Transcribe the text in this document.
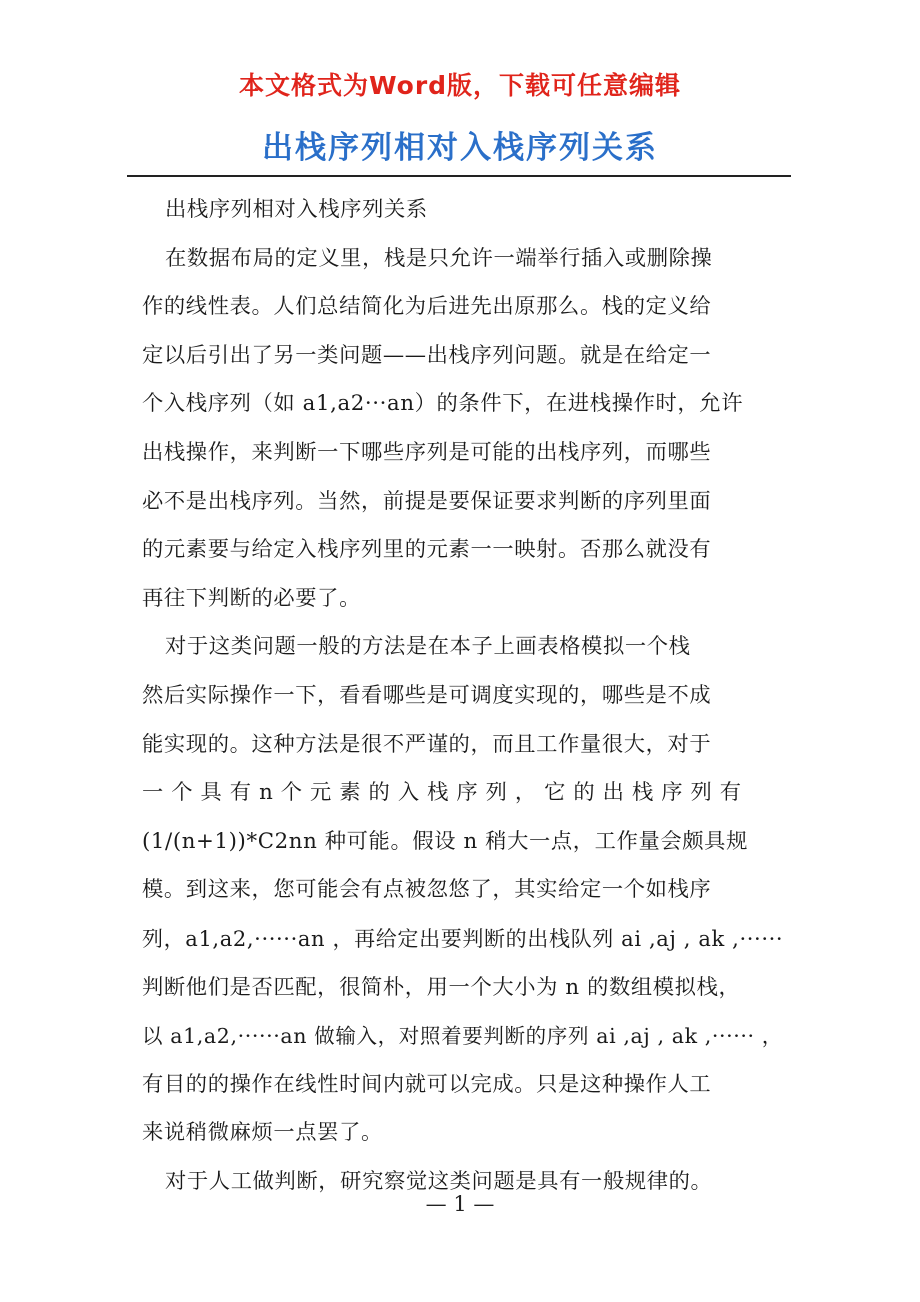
本文格式为Word版，下载可任意编辑
出栈序列相对入栈序列关系
出栈序列相对入栈序列关系
在数据布局的定义里，栈是只允许一端举行插入或删除操
作的线性表。人们总结简化为后进先出原那么。栈的定义给
定以后引出了另一类问题——出栈序列问题。就是在给定一
个入栈序列（如 a1,a2···an）的条件下，在进栈操作时，允许
出栈操作，来判断一下哪些序列是可能的出栈序列，而哪些
必不是出栈序列。当然，前提是要保证要求判断的序列里面
的元素要与给定入栈序列里的元素一一映射。否那么就没有
再往下判断的必要了。
对于这类问题一般的方法是在本子上画表格模拟一个栈
然后实际操作一下，看看哪些是可调度实现的，哪些是不成
能实现的。这种方法是很不严谨的，而且工作量很大，对于
一 个 具 有 n 个 元 素 的 入 栈 序 列 ， 它 的 出 栈 序 列 有
(1/(n+1))*C2nn 种可能。假设 n 稍大一点，工作量会颇具规
模。到这来，您可能会有点被忽悠了，其实给定一个如栈序
列，a1,a2,······an ，再给定出要判断的出栈队列 ai ,aj , ak ,······
判断他们是否匹配，很简朴，用一个大小为 n 的数组模拟栈，
以 a1,a2,······an 做输入，对照着要判断的序列 ai ,aj , ak ,······ ，
有目的的操作在线性时间内就可以完成。只是这种操作人工
来说稍微麻烦一点罢了。
对于人工做判断，研究察觉这类问题是具有一般规律的。
— 1 —
